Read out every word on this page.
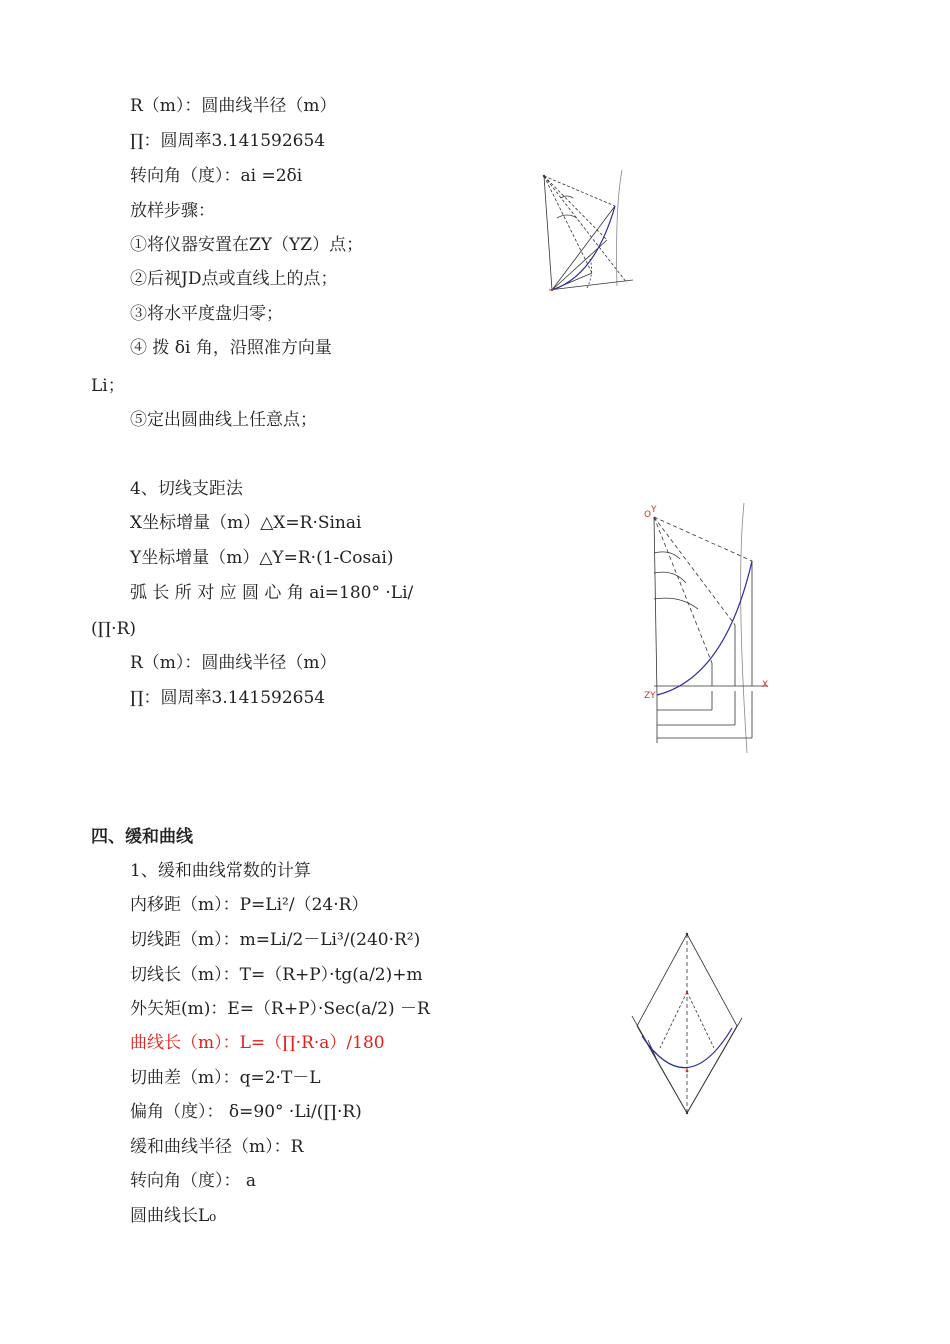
R（m）：圆曲线半径（m）
∏：圆周率3.141592654
转向角（度）：ai =2δi
放样步骤：
①将仪器安置在ZY（YZ）点；
②后视JD点或直线上的点；
③将水平度盘归零；
④ 拨 δi 角，沿照准方向量
Li；
⑤定出圆曲线上任意点；
4、切线支距法
X坐标增量（m）△X=R·Sinai
Y坐标增量（m）△Y=R·(1-Cosai)
弧 长 所 对 应 圆 心 角 ai=180° ·Li/
(∏·R)
R（m）：圆曲线半径（m）
∏：圆周率3.141592654
O Y
ZY
X
四、缓和曲线
1、缓和曲线常数的计算
内移距（m）：P=Li²/（24·R）
切线距（m）：m=Li/2－Li³/(240·R²)
切线长（m）：T=（R+P）·tg(a/2)+m
外矢矩(m)：E=（R+P）·Sec(a/2) －R
曲线长（m）：L=（∏·R·a）/180
切曲差（m）：q=2·T－L
偏角（度）： δ=90° ·Li/(∏·R)
缓和曲线半径（m）：R
转向角（度）： a
圆曲线长L₀
